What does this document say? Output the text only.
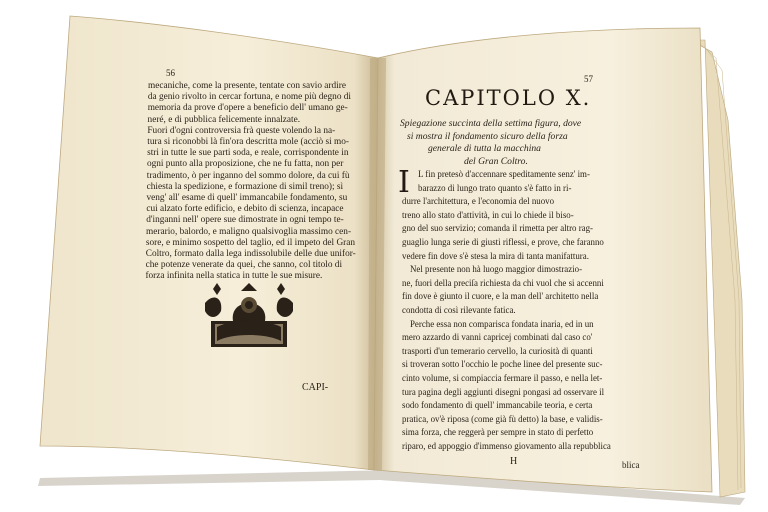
56
mecaniche, come la presente, tentate con savio ardire
da genio rivolto in cercar fortuna, e nome più degno di
memoria da prove d'opere a beneficio dell' umano ge-
neré, e di pubblica felicemente innalzate.
Fuori d'ogni controversia frà queste volendo la na-
tura si riconobbi là fin'ora descritta mole (acciò si mo-
stri in tutte le sue parti soda, e reale, corrispondente in
ogni punto alla proposizione, che ne fu fatta, non per
tradimento, ò per inganno del sommo dolore, da cui fù
chiesta la spedizione, e formazione di simil treno); sì
veng' all' esame di quell' immancabile fondamento, su
cui alzato forte edificio, e debito di scienza, incapace
d'inganni nell' opere sue dimostrate in ogni tempo te-
merario, balordo, e maligno qualsivoglia massimo cen-
sore, e minimo sospetto del taglio, ed il impeto del Gran
Coltro, formato dalla lega indissolubile delle due unifor-
che potenze venerate da quei, che sanno, col titolo di
forza infinita nella statica in tutte le sue misure.
CAPI-
57
CAPITOLO X.
Spiegazione succinta della settima figura, dove
si mostra il fondamento sicuro della forza
generale di tutta la macchina
del Gran Coltro.
I L fin pretesò d'accennare speditamente senz' im-
barazzo di lungo trato quanto s'è fatto in ri-
durre l'architettura, e l'economia del nuovo
treno allo stato d'attività, in cui lo chiede il biso-
gno del suo servizio; comanda il rimetta per altro rag-
guaglio lunga serie di giusti riflessi, e prove, che faranno
vedere fin dove s'è stesa la mira di tanta manifattura.
Nel presente non hà luogo maggior dimostrazio-
ne, fuori della preciſa richiesta da chi vuol che si accenni
fin dove è giunto il cuore, e la man dell' architetto nella
condotta di così rilevante fatica.
Perche essa non comparisca fondata inaria, ed in un
mero azzardo di vanni capricej combinati dal caso co'
trasporti d'un temerario cervello, la curiosità di quanti
si troveran sotto l'occhio le poche linee del presente suc-
cinto volume, si compiaccia fermare il passo, e nella let-
tura pagina degli aggiunti disegni pongasi ad osservare il
sodo fondamento di quell' immancabile teoria, e certa
pratica, ov'è riposa (come già fù detto) la base, e validis-
sima forza, che reggerà per sempre in stato di perfetto
riparo, ed appoggio d'immenso giovamento alla repubblica
H	blica
